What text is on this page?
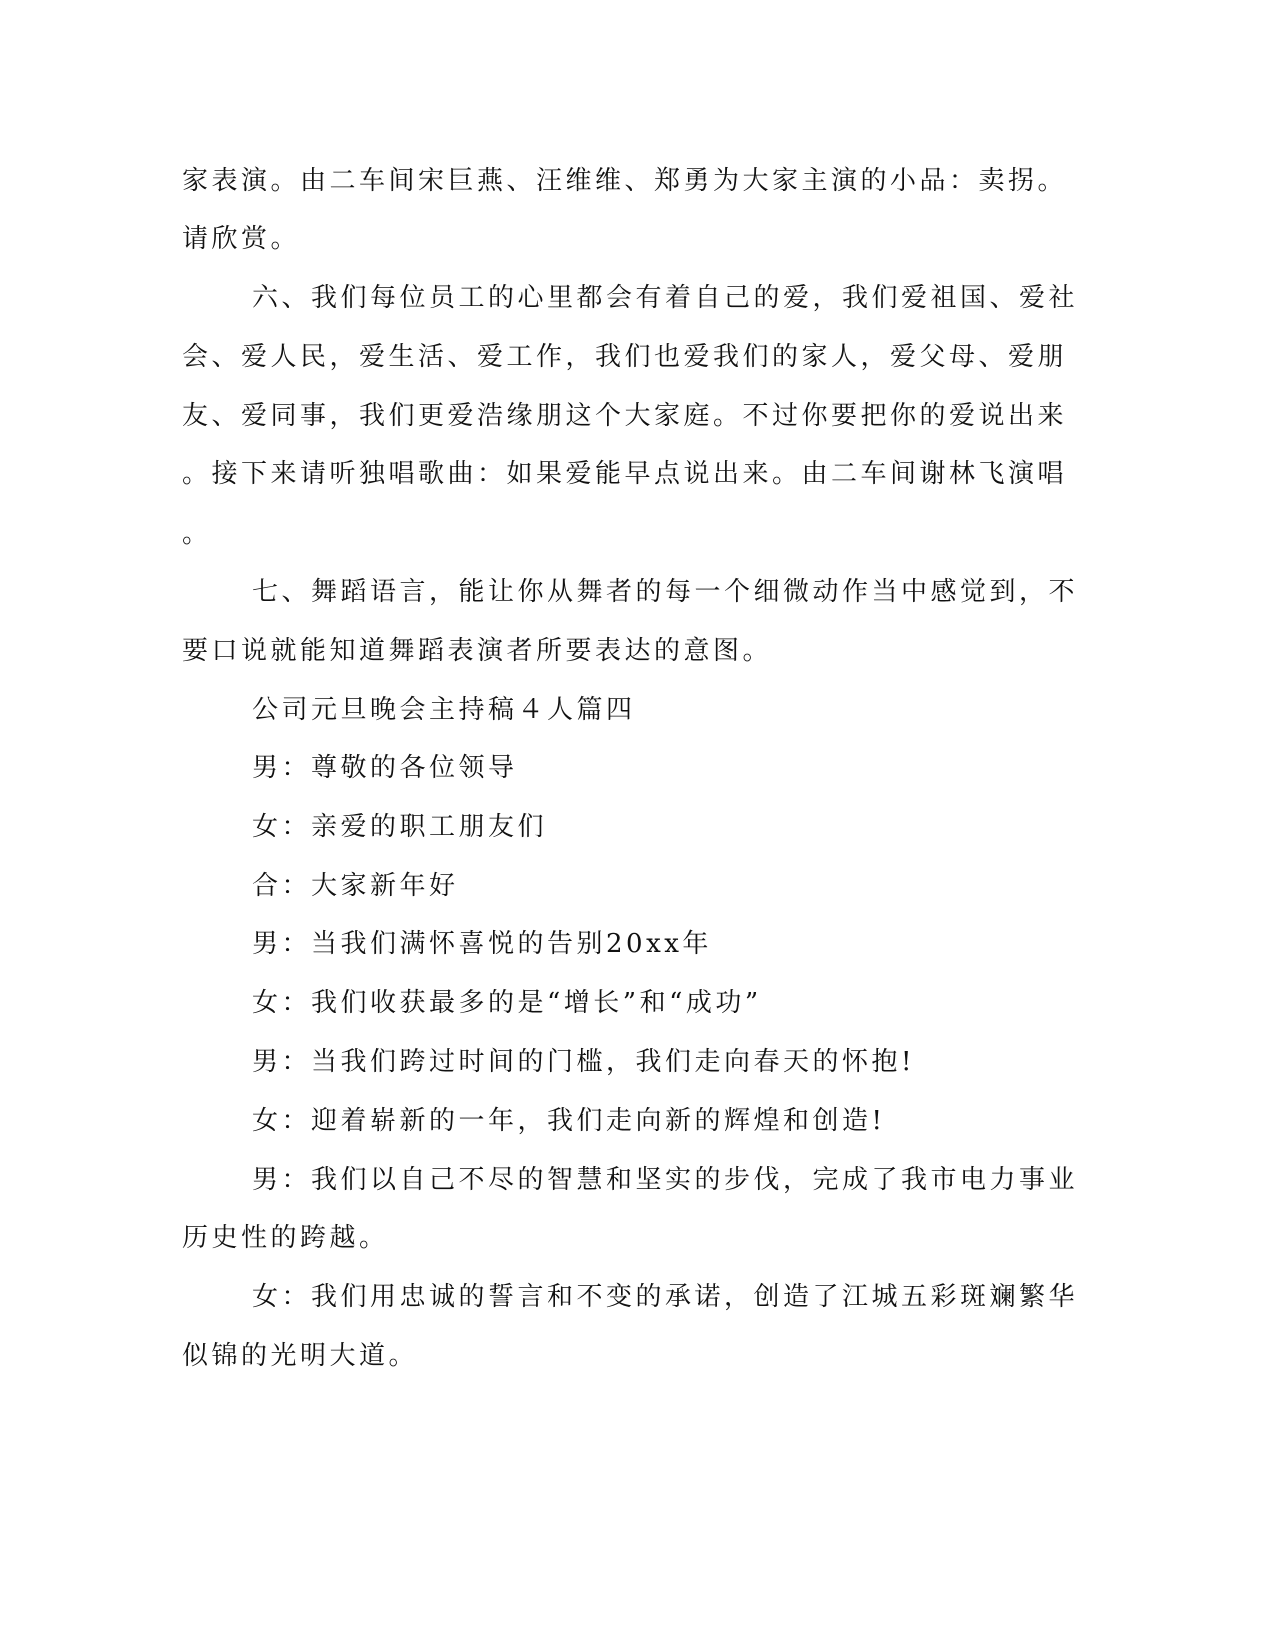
家表演。由二车间宋巨燕、汪维维、郑勇为大家主演的小品：卖拐。

请欣赏。

六、我们每位员工的心里都会有着自己的爱，我们爱祖国、爱社

会、爱人民，爱生活、爱工作，我们也爱我们的家人，爱父母、爱朋

友、爱同事，我们更爱浩缘朋这个大家庭。不过你要把你的爱说出来

。接下来请听独唱歌曲：如果爱能早点说出来。由二车间谢林飞演唱

。

七、舞蹈语言，能让你从舞者的每一个细微动作当中感觉到，不

要口说就能知道舞蹈表演者所要表达的意图。

公司元旦晚会主持稿４人篇四

男：尊敬的各位领导

女：亲爱的职工朋友们

合：大家新年好

男：当我们满怀喜悦的告别20xx年

女：我们收获最多的是“增长”和“成功”

男：当我们跨过时间的门槛，我们走向春天的怀抱!

女：迎着崭新的一年，我们走向新的辉煌和创造!

男：我们以自己不尽的智慧和坚实的步伐，完成了我市电力事业

历史性的跨越。

女：我们用忠诚的誓言和不变的承诺，创造了江城五彩斑斓繁华

似锦的光明大道。
